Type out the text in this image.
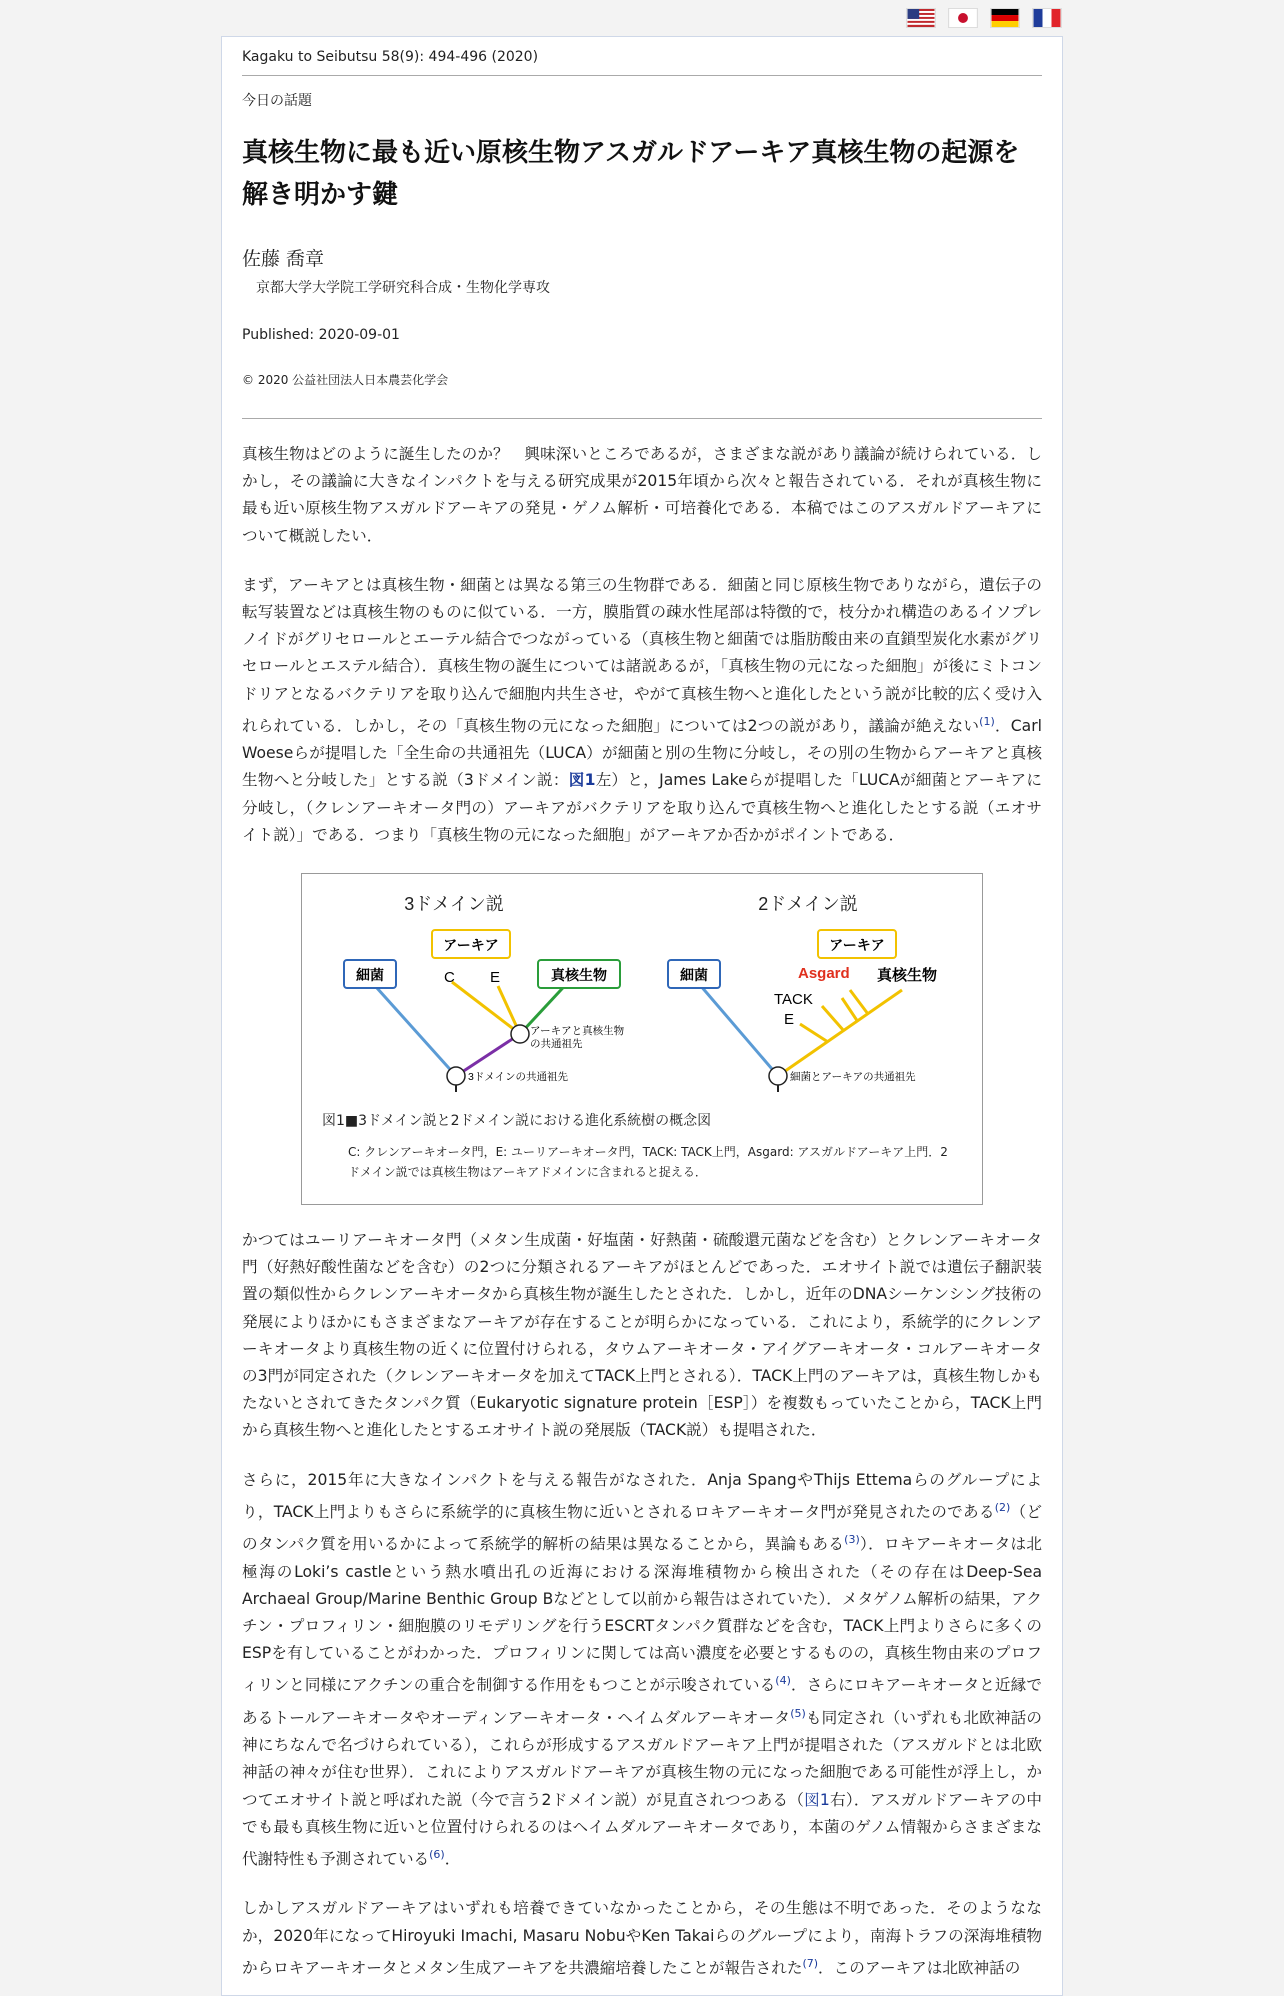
Kagaku to Seibutsu 58(9): 494-496 (2020)

今日の話題

真核生物に最も近い原核生物アスガルドアーキア真核生物の起源を解き明かす鍵

佐藤 喬章

京都大学大学院工学研究科合成・生物化学専攻

Published: 2020-09-01

© 2020 公益社団法人日本農芸化学会

真核生物はどのように誕生したのか？　興味深いところであるが，さまざまな説があり議論が続けられている．しかし，その議論に大きなインパクトを与える研究成果が2015年頃から次々と報告されている．それが真核生物に最も近い原核生物アスガルドアーキアの発見・ゲノム解析・可培養化である．本稿ではこのアスガルドアーキアについて概説したい．

まず，アーキアとは真核生物・細菌とは異なる第三の生物群である．細菌と同じ原核生物でありながら，遺伝子の転写装置などは真核生物のものに似ている．一方，膜脂質の疎水性尾部は特徴的で，枝分かれ構造のあるイソプレノイドがグリセロールとエーテル結合でつながっている（真核生物と細菌では脂肪酸由来の直鎖型炭化水素がグリセロールとエステル結合）．真核生物の誕生については諸説あるが，「真核生物の元になった細胞」が後にミトコンドリアとなるバクテリアを取り込んで細胞内共生させ，やがて真核生物へと進化したという説が比較的広く受け入れられている．しかし，その「真核生物の元になった細胞」については2つの説があり，議論が絶えない$^{(1)}$．Carl Woeseらが提唱した「全生命の共通祖先（LUCA）が細菌と別の生物に分岐し，その別の生物からアーキアと真核生物へと分岐した」とする説（3ドメイン説：図1左）と，James Lakeらが提唱した「LUCAが細菌とアーキアに分岐し，（クレンアーキオータ門の）アーキアがバクテリアを取り込んで真核生物へと進化したとする説（エオサイト説）」である．つまり「真核生物の元になった細胞」がアーキアか否かがポイントである．

3ドメイン説
細菌
アーキア
真核生物
C E
アーキアと真核生物
の共通祖先
3ドメインの共通祖先
2ドメイン説
細菌
アーキア
Asgard 真核生物
TACK
E
細菌とアーキアの共通祖先
図1■3ドメイン説と2ドメイン説における進化系統樹の概念図
C: クレンアーキオータ門，E: ユーリアーキオータ門，TACK: TACK上門，Asgard: アスガルドアーキア上門．2ドメイン説では真核生物はアーキアドメインに含まれると捉える．

かつてはユーリアーキオータ門（メタン生成菌・好塩菌・好熱菌・硫酸還元菌などを含む）とクレンアーキオータ門（好熱好酸性菌などを含む）の2つに分類されるアーキアがほとんどであった．エオサイト説では遺伝子翻訳装置の類似性からクレンアーキオータから真核生物が誕生したとされた．しかし，近年のDNAシーケンシング技術の発展によりほかにもさまざまなアーキアが存在することが明らかになっている．これにより，系統学的にクレンアーキオータより真核生物の近くに位置付けられる，タウムアーキオータ・アイグアーキオータ・コルアーキオータの3門が同定された（クレンアーキオータを加えてTACK上門とされる）．TACK上門のアーキアは，真核生物しかもたないとされてきたタンパク質（Eukaryotic signature protein［ESP］）を複数もっていたことから，TACK上門から真核生物へと進化したとするエオサイト説の発展版（TACK説）も提唱された．

さらに，2015年に大きなインパクトを与える報告がなされた．Anja SpangやThijs Ettemaらのグループにより，TACK上門よりもさらに系統学的に真核生物に近いとされるロキアーキオータ門が発見されたのである$^{(2)}$（どのタンパク質を用いるかによって系統学的解析の結果は異なることから，異論もある$^{(3)}$）．ロキアーキオータは北極海のLoki’s castleという熱水噴出孔の近海における深海堆積物から検出された（その存在はDeep-Sea Archaeal Group/Marine Benthic Group Bなどとして以前から報告はされていた）．メタゲノム解析の結果，アクチン・プロフィリン・細胞膜のリモデリングを行うESCRTタンパク質群などを含む，TACK上門よりさらに多くのESPを有していることがわかった．プロフィリンに関しては高い濃度を必要とするものの，真核生物由来のプロフィリンと同様にアクチンの重合を制御する作用をもつことが示唆されている$^{(4)}$．さらにロキアーキオータと近縁であるトールアーキオータやオーディンアーキオータ・ヘイムダルアーキオータ$^{(5)}$も同定され（いずれも北欧神話の神にちなんで名づけられている），これらが形成するアスガルドアーキア上門が提唱された（アスガルドとは北欧神話の神々が住む世界）．これによりアスガルドアーキアが真核生物の元になった細胞である可能性が浮上し，かつてエオサイト説と呼ばれた説（今で言う2ドメイン説）が見直されつつある（図1右）．アスガルドアーキアの中でも最も真核生物に近いと位置付けられるのはヘイムダルアーキオータであり，本菌のゲノム情報からさまざまな代謝特性も予測されている$^{(6)}$．

しかしアスガルドアーキアはいずれも培養できていなかったことから，その生態は不明であった．そのようななか，2020年になってHiroyuki Imachi, Masaru NobuやKen Takaiらのグループにより，南海トラフの深海堆積物からロキアーキオータとメタン生成アーキアを共濃縮培養したことが報告された$^{(7)}$．このアーキアは北欧神話の
